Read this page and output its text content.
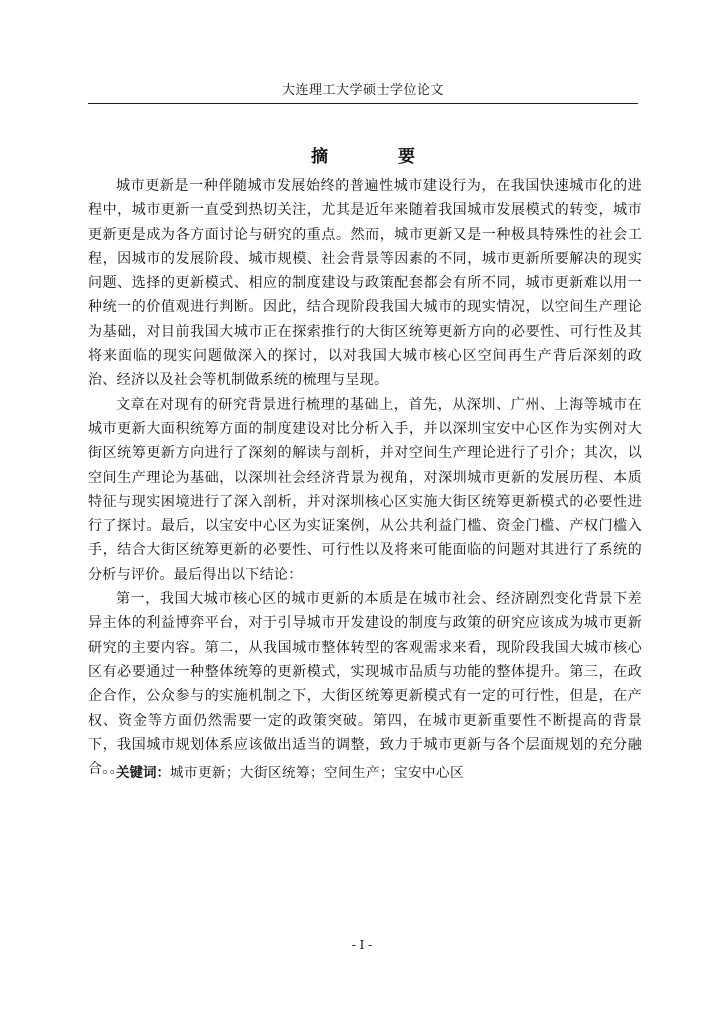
大连理工大学硕士学位论文
摘 要

城市更新是一种伴随城市发展始终的普遍性城市建设行为，在我国快速城市化的进程中，城市更新一直受到热切关注，尤其是近年来随着我国城市发展模式的转变，城市更新更是成为各方面讨论与研究的重点。然而，城市更新又是一种极具特殊性的社会工程，因城市的发展阶段、城市规模、社会背景等因素的不同，城市更新所要解决的现实问题、选择的更新模式、相应的制度建设与政策配套都会有所不同，城市更新难以用一种统一的价值观进行判断。因此，结合现阶段我国大城市的现实情况，以空间生产理论为基础，对目前我国大城市正在探索推行的大街区统筹更新方向的必要性、可行性及其将来面临的现实问题做深入的探讨，以对我国大城市核心区空间再生产背后深刻的政治、经济以及社会等机制做系统的梳理与呈现。

文章在对现有的研究背景进行梳理的基础上，首先，从深圳、广州、上海等城市在城市更新大面积统筹方面的制度建设对比分析入手，并以深圳宝安中心区作为实例对大街区统筹更新方向进行了深刻的解读与剖析，并对空间生产理论进行了引介；其次，以空间生产理论为基础，以深圳社会经济背景为视角，对深圳城市更新的发展历程、本质特征与现实困境进行了深入剖析，并对深圳核心区实施大街区统筹更新模式的必要性进行了探讨。最后，以宝安中心区为实证案例，从公共利益门槛、资金门槛、产权门槛入手，结合大街区统筹更新的必要性、可行性以及将来可能面临的问题对其进行了系统的分析与评价。最后得出以下结论：

第一，我国大城市核心区的城市更新的本质是在城市社会、经济剧烈变化背景下差异主体的利益博弈平台，对于引导城市开发建设的制度与政策的研究应该成为城市更新研究的主要内容。第二，从我国城市整体转型的客观需求来看，现阶段我国大城市核心区有必要通过一种整体统筹的更新模式，实现城市品质与功能的整体提升。第三，在政企合作，公众参与的实施机制之下，大街区统筹更新模式有一定的可行性，但是，在产权、资金等方面仍然需要一定的政策突破。第四，在城市更新重要性不断提高的背景下，我国城市规划体系应该做出适当的调整，致力于城市更新与各个层面规划的充分融合。。

关键词：城市更新；大街区统筹；空间生产；宝安中心区
- I -
